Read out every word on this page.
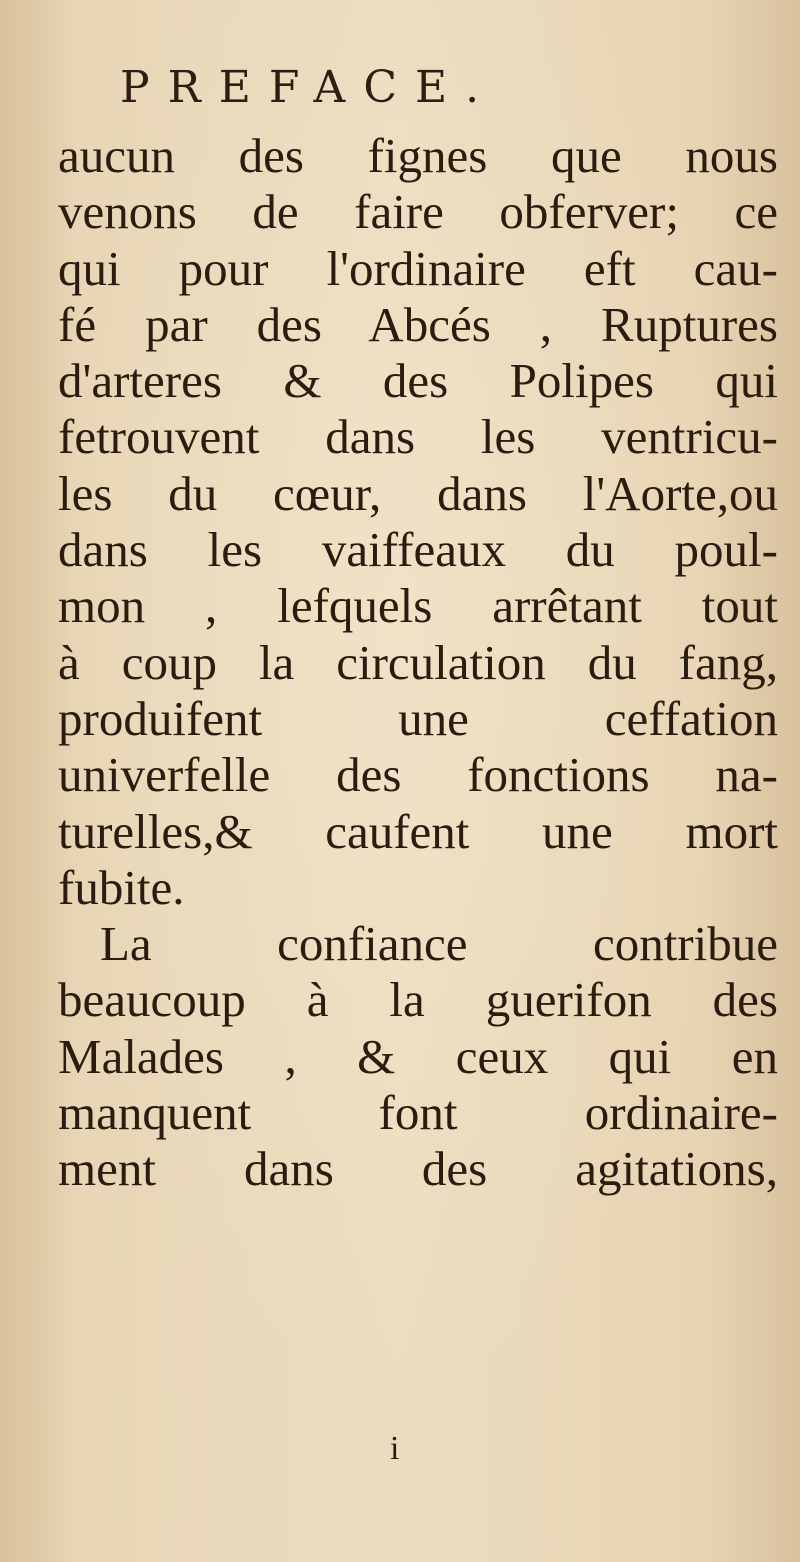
PREFACE.
aucun des fignes que nous
venons de faire obferver; ce
qui pour l'ordinaire eft cau-
fé par des Abcés , Ruptures
d'arteres & des Polipes qui
fetrouvent dans les ventricu-
les du cœur, dans l'Aorte,ou
dans les vaiffeaux du poul-
mon , lefquels arrêtant tout
à coup la circulation du fang,
produifent une ceffation
univerfelle des fonctions na-
turelles,& caufent une mort
fubite.
La confiance contribue
beaucoup à la guerifon des
Malades , & ceux qui en
manquent font ordinaire-
ment dans des agitations,
i
